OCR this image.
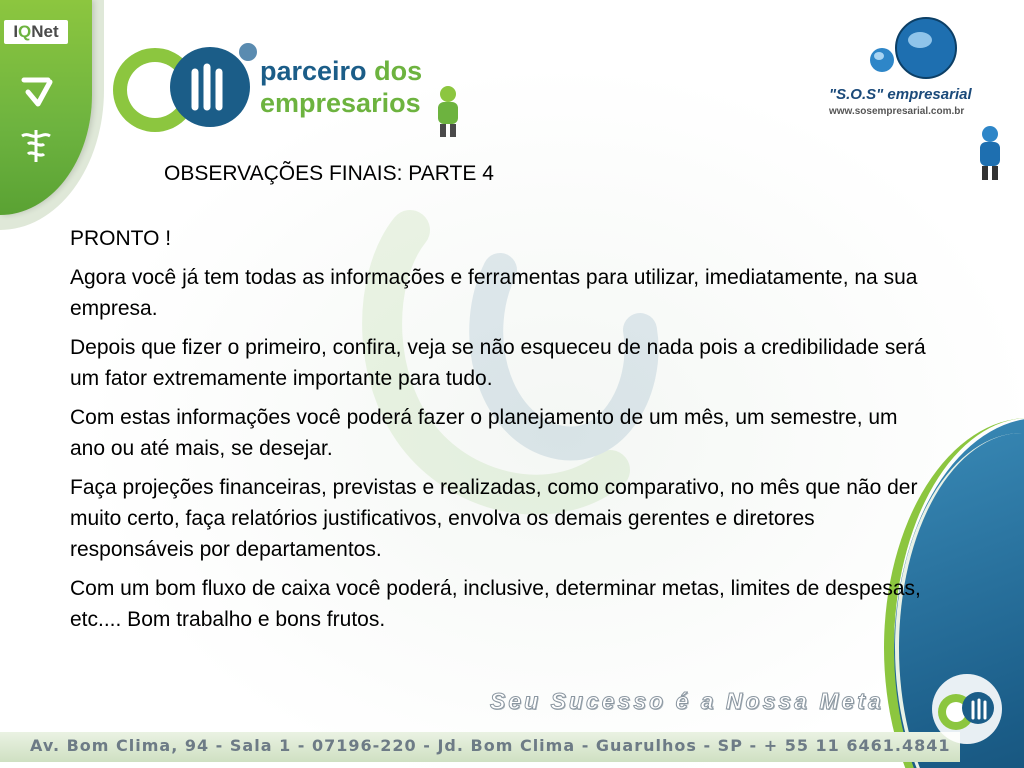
IQNet
parceiro dos
empresarios	"S.O.S" empresarial
www.sosempresarial.com.br
OBSERVAÇÕES FINAIS: PARTE 4

PRONTO !

Agora você já tem todas as informações e ferramentas para utilizar, imediatamente, na sua empresa.

Depois que fizer o primeiro, confira, veja se não esqueceu de nada pois a credibilidade será um fator extremamente importante para tudo.

Com estas informações você poderá fazer o planejamento de um mês, um semestre, um ano ou até mais, se desejar.

Faça projeções financeiras, previstas e realizadas, como comparativo, no mês que não der muito certo, faça relatórios justificativos, envolva os demais gerentes e diretores responsáveis por departamentos.

Com um bom fluxo de caixa você poderá, inclusive, determinar metas, limites de despesas, etc.... Bom trabalho e bons frutos.

Seu Sucesso é a Nossa Meta
Av. Bom Clima, 94 - Sala 1 - 07196-220 - Jd. Bom Clima - Guarulhos - SP - + 55 11 6461.4841
